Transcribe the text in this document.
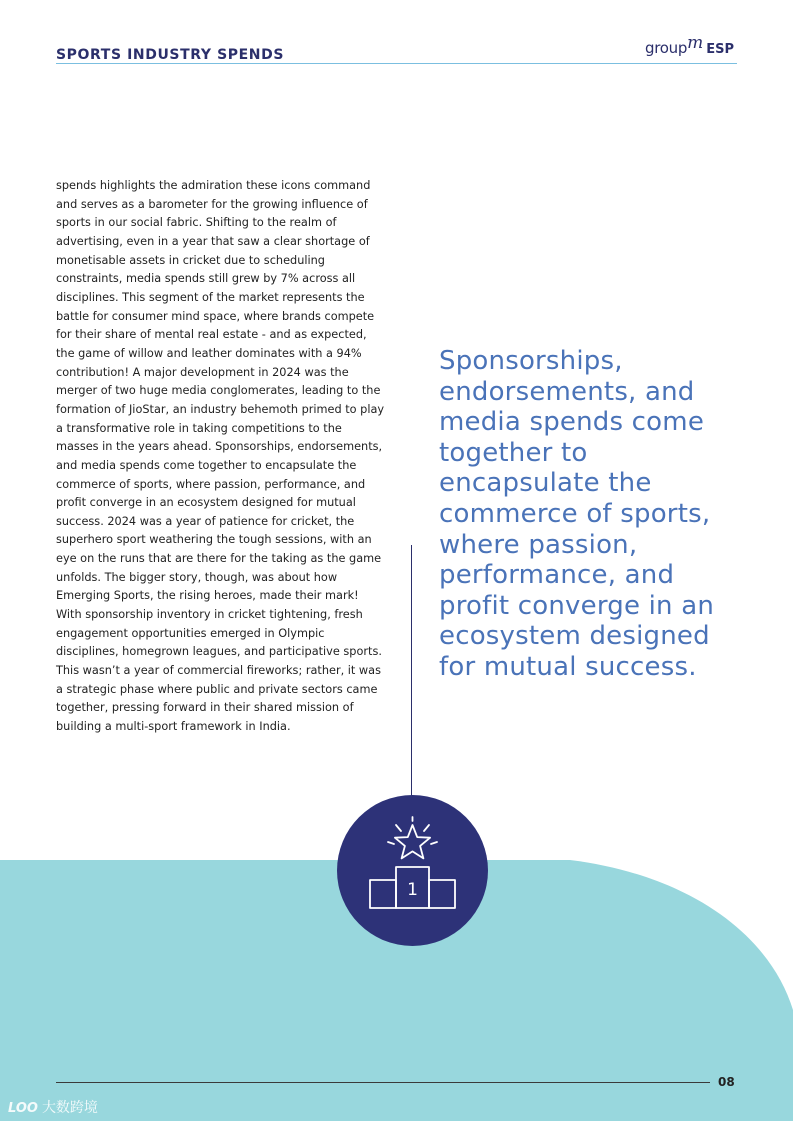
SPORTS INDUSTRY SPENDS	groupm ESP

spends highlights the admiration these icons command and serves as a barometer for the growing influence of sports in our social fabric. Shifting to the realm of advertising, even in a year that saw a clear shortage of monetisable assets in cricket due to scheduling constraints, media spends still grew by 7% across all disciplines. This segment of the market represents the battle for consumer mind space, where brands compete for their share of mental real estate - and as expected, the game of willow and leather dominates with a 94% contribution! A major development in 2024 was the merger of two huge media conglomerates, leading to the formation of JioStar, an industry behemoth primed to play a transformative role in taking competitions to the masses in the years ahead. Sponsorships, endorsements, and media spends come together to encapsulate the commerce of sports, where passion, performance, and profit converge in an ecosystem designed for mutual success. 2024 was a year of patience for cricket, the superhero sport weathering the tough sessions, with an eye on the runs that are there for the taking as the game unfolds. The bigger story, though, was about how Emerging Sports, the rising heroes, made their mark! With sponsorship inventory in cricket tightening, fresh engagement opportunities emerged in Olympic disciplines, homegrown leagues, and participative sports. This wasn’t a year of commercial fireworks; rather, it was a strategic phase where public and private sectors came together, pressing forward in their shared mission of building a multi-sport framework in India.

Sponsorships, endorsements, and media spends come together to encapsulate the commerce of sports, where passion, performance, and profit converge in an ecosystem designed for mutual success.

1
08
LOO 大数跨境
